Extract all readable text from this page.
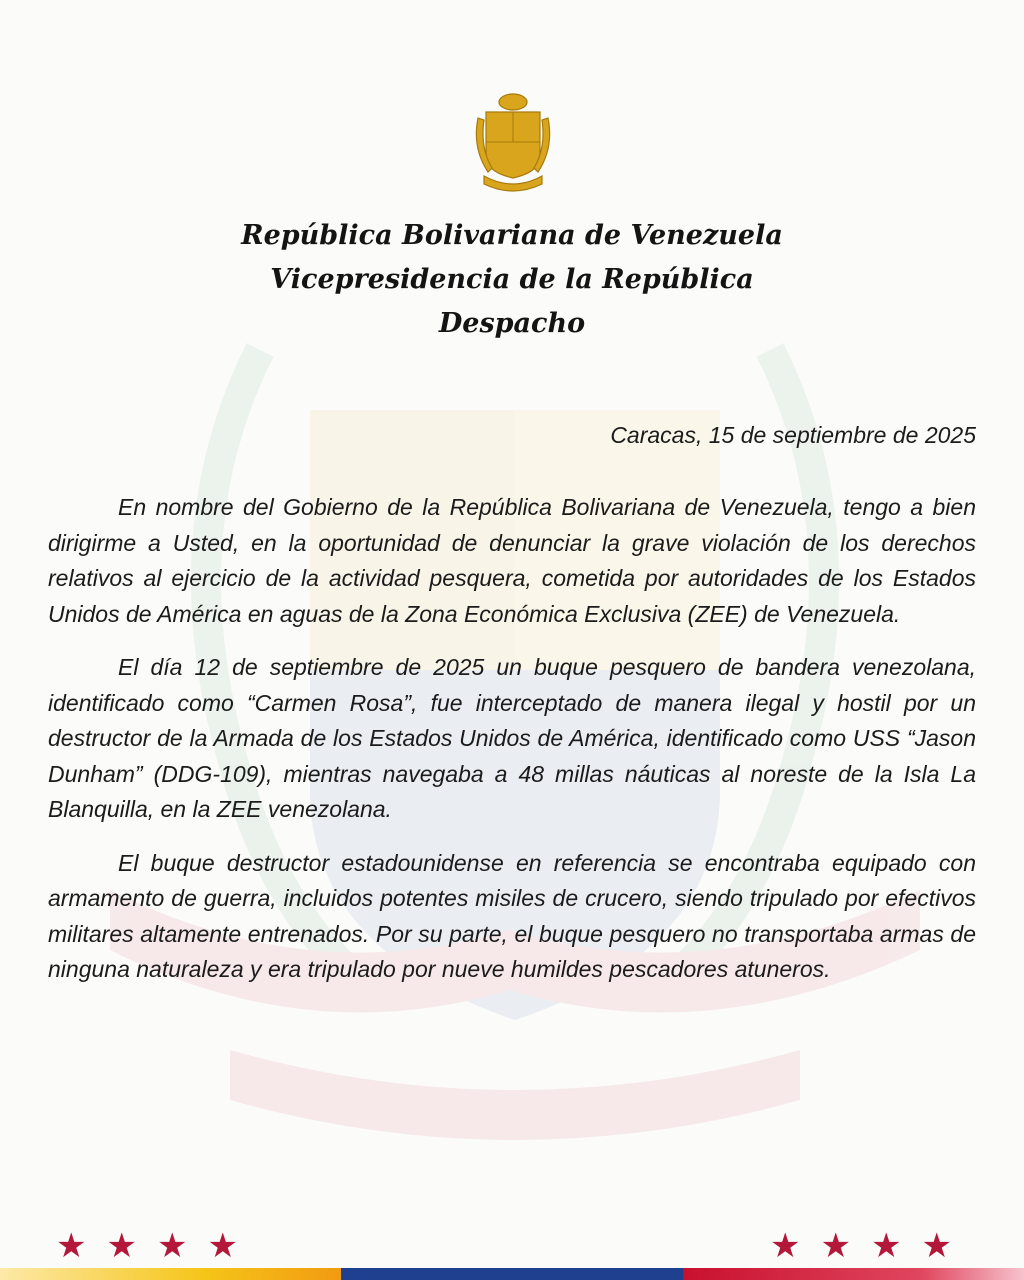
República Bolivariana de Venezuela
Vicepresidencia de la República
Despacho
Caracas, 15 de septiembre de 2025

En nombre del Gobierno de la República Bolivariana de Venezuela, tengo a bien dirigirme a Usted, en la oportunidad de denunciar la grave violación de los derechos relativos al ejercicio de la actividad pesquera, cometida por autoridades de los Estados Unidos de América en aguas de la Zona Económica Exclusiva (ZEE) de Venezuela.

El día 12 de septiembre de 2025 un buque pesquero de bandera venezolana, identificado como “Carmen Rosa”, fue interceptado de manera ilegal y hostil por un destructor de la Armada de los Estados Unidos de América, identificado como USS “Jason Dunham” (DDG-109), mientras navegaba a 48 millas náuticas al noreste de la Isla La Blanquilla, en la ZEE venezolana.

El buque destructor estadounidense en referencia se encontraba equipado con armamento de guerra, incluidos potentes misiles de crucero, siendo tripulado por efectivos militares altamente entrenados. Por su parte, el buque pesquero no transportaba armas de ninguna naturaleza y era tripulado por nueve humildes pescadores atuneros.

★★★★	★★★★
